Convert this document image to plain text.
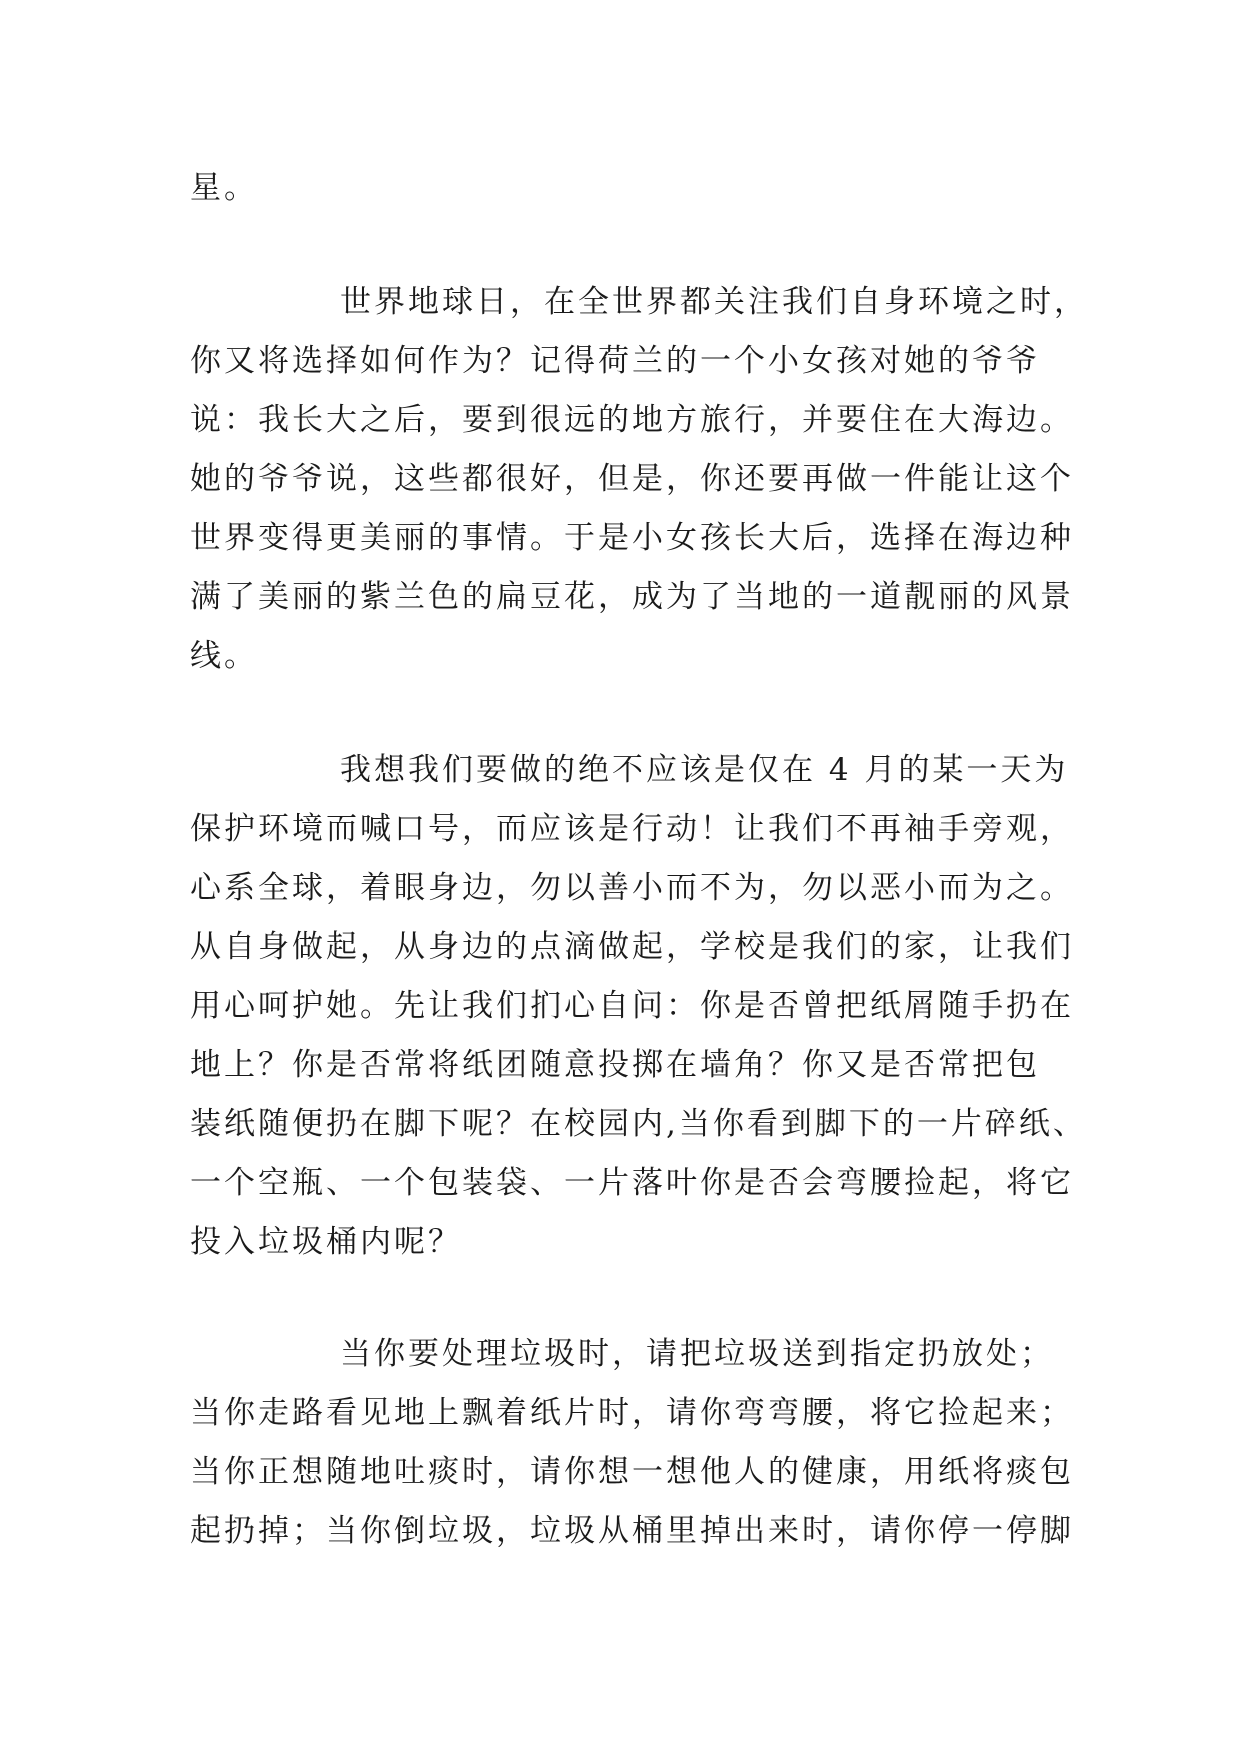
星。
世界地球日，在全世界都关注我们自身环境之时，
你又将选择如何作为？记得荷兰的一个小女孩对她的爷爷
说：我长大之后，要到很远的地方旅行，并要住在大海边。
她的爷爷说，这些都很好，但是，你还要再做一件能让这个
世界变得更美丽的事情。于是小女孩长大后，选择在海边种
满了美丽的紫兰色的扁豆花，成为了当地的一道靓丽的风景
线。
我想我们要做的绝不应该是仅在 4 月的某一天为
保护环境而喊口号，而应该是行动！让我们不再袖手旁观，
心系全球，着眼身边，勿以善小而不为，勿以恶小而为之。
从自身做起，从身边的点滴做起，学校是我们的家，让我们
用心呵护她。先让我们扪心自问：你是否曾把纸屑随手扔在
地上？你是否常将纸团随意投掷在墙角？你又是否常把包
装纸随便扔在脚下呢？在校园内,当你看到脚下的一片碎纸、
一个空瓶、一个包装袋、一片落叶你是否会弯腰捡起，将它
投入垃圾桶内呢？
当你要处理垃圾时，请把垃圾送到指定扔放处；
当你走路看见地上飘着纸片时，请你弯弯腰，将它捡起来；
当你正想随地吐痰时，请你想一想他人的健康，用纸将痰包
起扔掉；当你倒垃圾，垃圾从桶里掉出来时，请你停一停脚
